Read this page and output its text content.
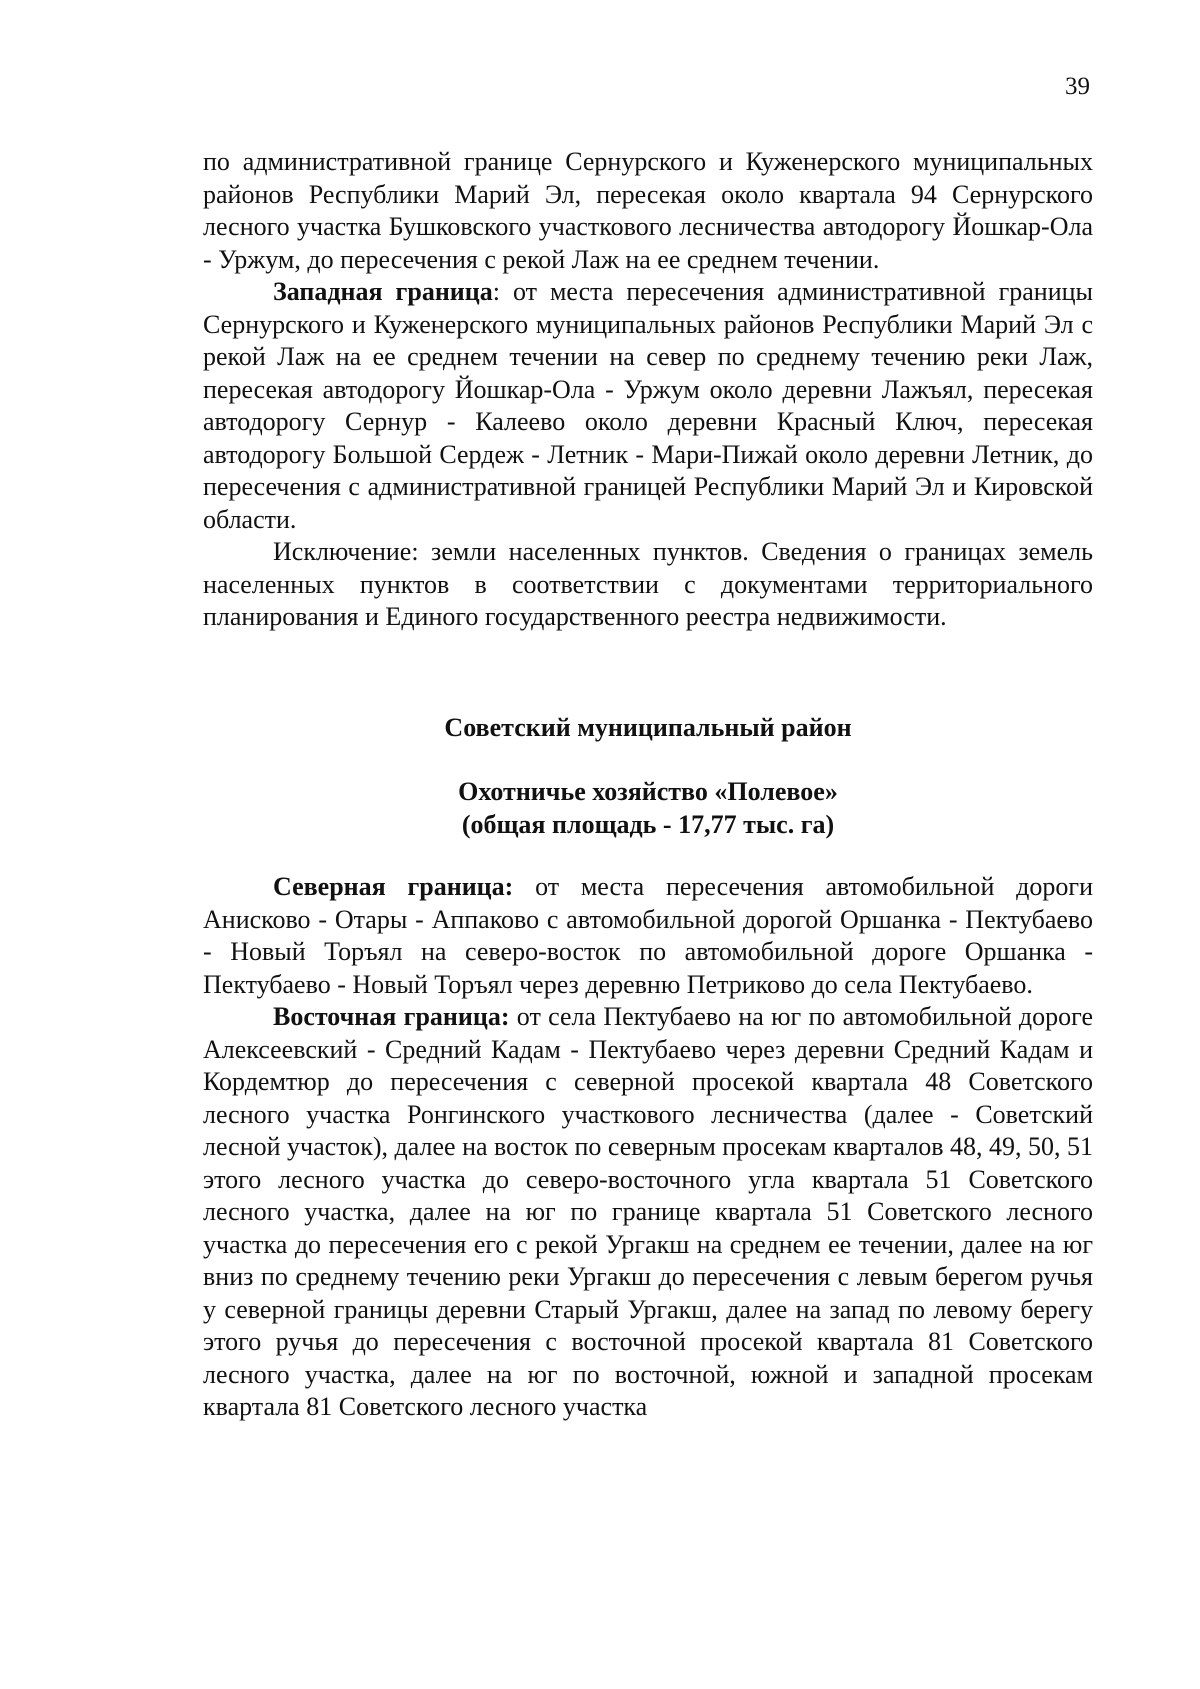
39

по административной границе Сернурского и Куженерского муниципальных районов Республики Марий Эл, пересекая около квартала 94 Сернурского лесного участка Бушковского участкового лесничества автодорогу Йошкар-Ола - Уржум, до пересечения с рекой Лаж на ее среднем течении.

Западная граница: от места пересечения административной границы Сернурского и Куженерского муниципальных районов Республики Марий Эл с рекой Лаж на ее среднем течении на север по среднему течению реки Лаж, пересекая автодорогу Йошкар-Ола - Уржум около деревни Лажъял, пересекая автодорогу Сернур - Калеево около деревни Красный Ключ, пересекая автодорогу Большой Сердеж - Летник - Мари-Пижай около деревни Летник, до пересечения с административной границей Республики Марий Эл и Кировской области.

Исключение: земли населенных пунктов. Сведения о границах земель населенных пунктов в соответствии с документами территориального планирования и Единого государственного реестра недвижимости.

Советский муниципальный район

Охотничье хозяйство «Полевое»

(общая площадь - 17,77 тыс. га)

Северная граница: от места пересечения автомобильной дороги Анисково - Отары - Аппаково с автомобильной дорогой Оршанка - Пектубаево - Новый Торъял на северо-восток по автомобильной дороге Оршанка - Пектубаево - Новый Торъял через деревню Петриково до села Пектубаево.

Восточная граница: от села Пектубаево на юг по автомобильной дороге Алексеевский - Средний Кадам - Пектубаево через деревни Средний Кадам и Кордемтюр до пересечения с северной просекой квартала 48 Советского лесного участка Ронгинского участкового лесничества (далее - Советский лесной участок), далее на восток по северным просекам кварталов 48, 49, 50, 51 этого лесного участка до северо-восточного угла квартала 51 Советского лесного участка, далее на юг по границе квартала 51 Советского лесного участка до пересечения его с рекой Ургакш на среднем ее течении, далее на юг вниз по среднему течению реки Ургакш до пересечения с левым берегом ручья у северной границы деревни Старый Ургакш, далее на запад по левому берегу этого ручья до пересечения с восточной просекой квартала 81 Советского лесного участка, далее на юг по восточной, южной и западной просекам квартала 81 Советского лесного участка
